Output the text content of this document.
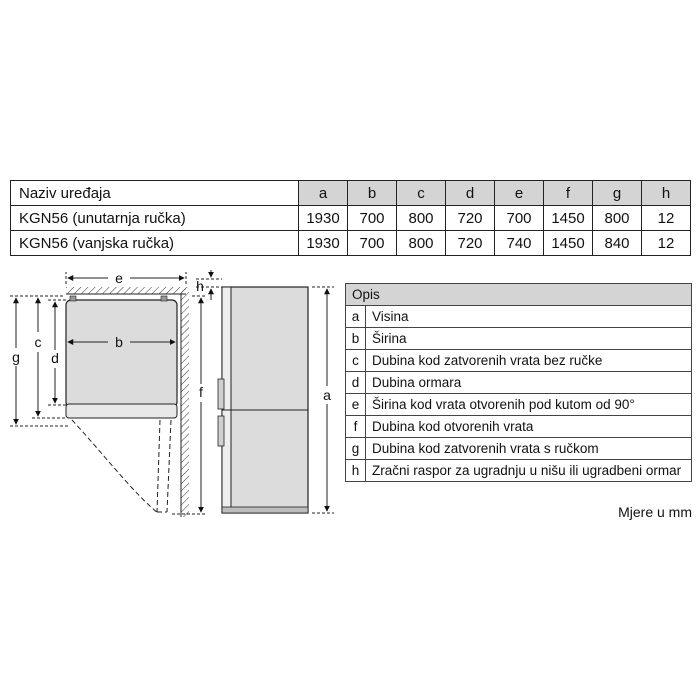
Naziv uređaja	a	b	c	d	e	f	g	h
KGN56 (unutarnja ručka)	1930	700	800	720	700	1450	800	12
KGN56 (vanjska ručka)	1930	700	800	720	740	1450	840	12
e
b
g
c
d
f
h
a
Opis	
a	Visina
b	Širina
c	Dubina kod zatvorenih vrata bez ručke
d	Dubina ormara
e	Širina kod vrata otvorenih pod kutom od 90°
f	Dubina kod otvorenih vrata
g	Dubina kod zatvorenih vrata s ručkom
h	Zračni raspor za ugradnju u nišu ili ugradbeni ormar
Mjere u mm
